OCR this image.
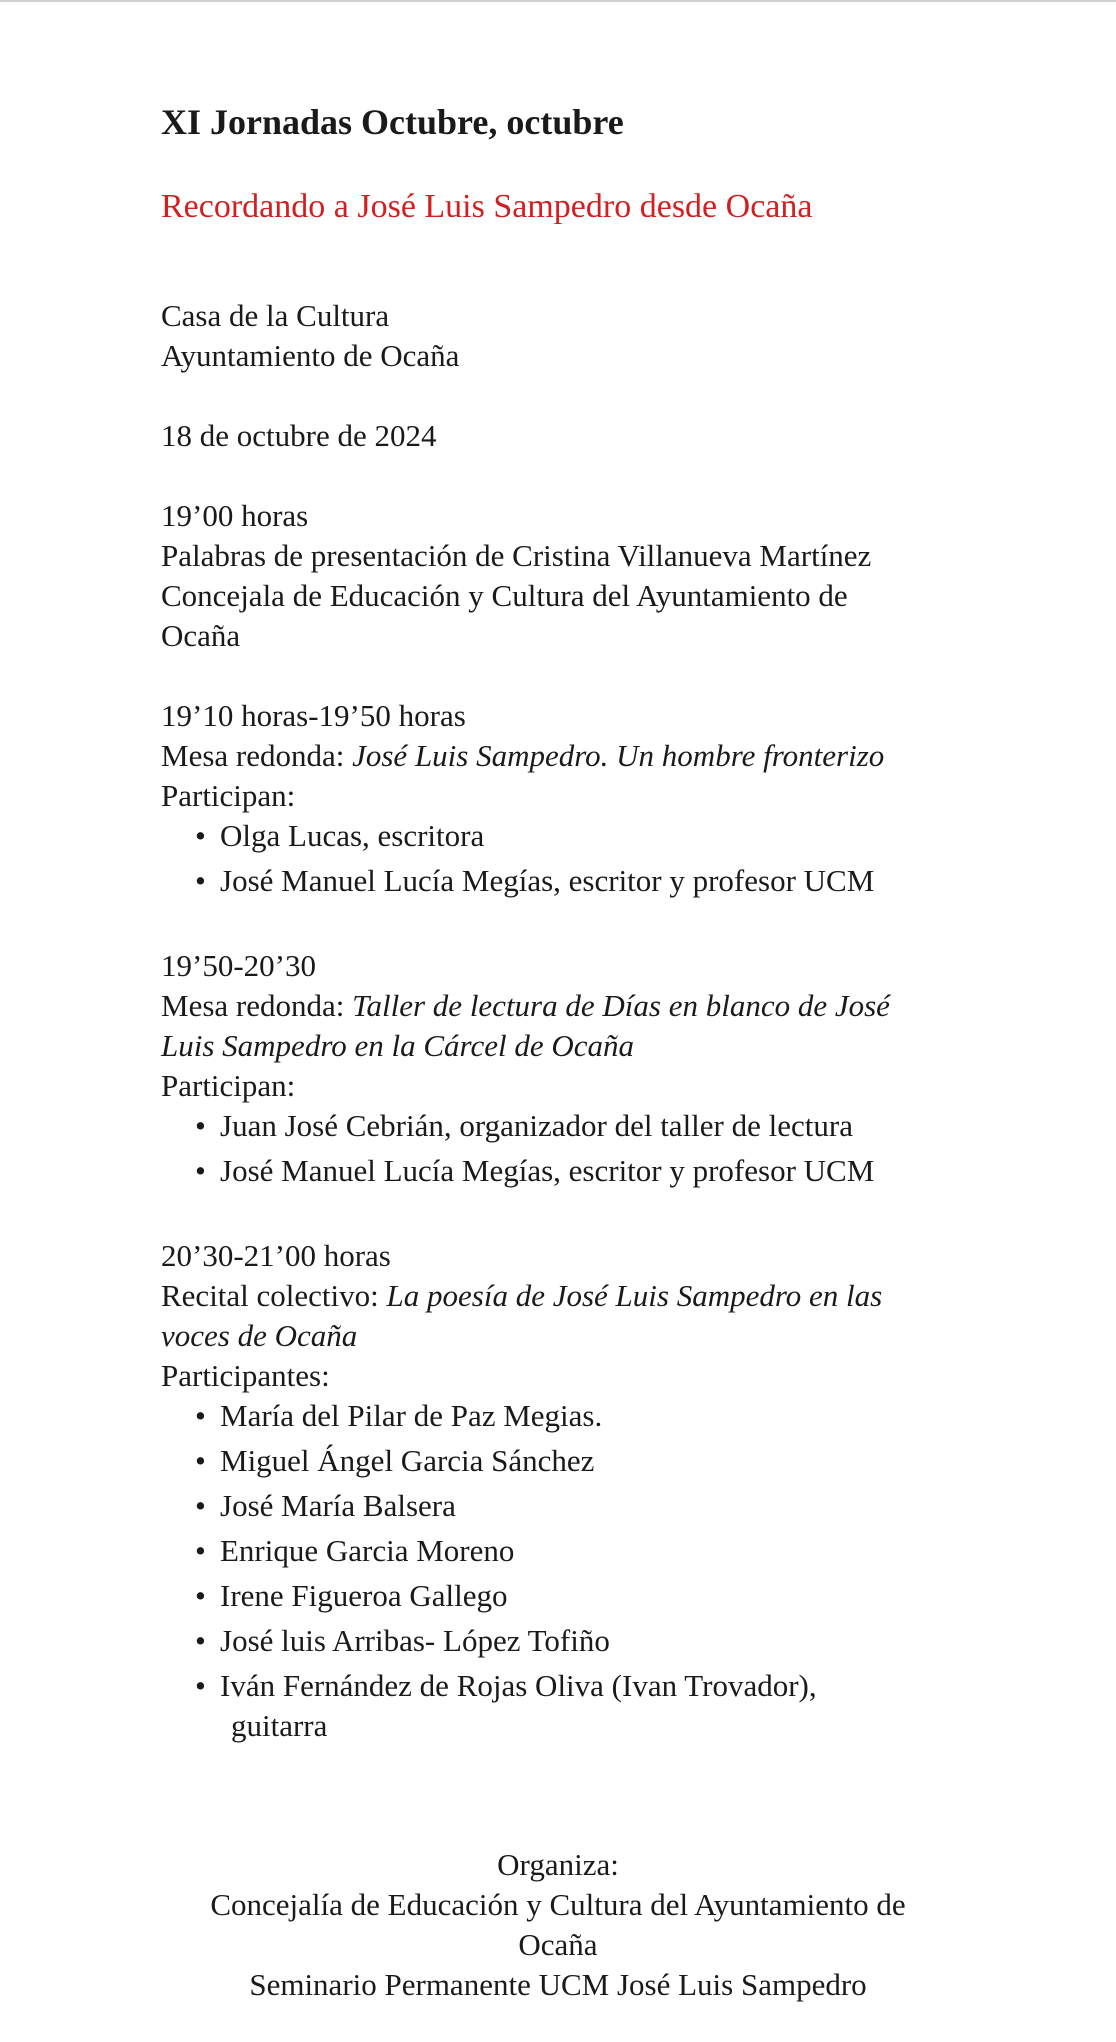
XI Jornadas Octubre, octubre

Recordando a José Luis Sampedro desde Ocaña

Casa de la Cultura
Ayuntamiento de Ocaña
18 de octubre de 2024
19’00 horas
Palabras de presentación de Cristina Villanueva Martínez
Concejala de Educación y Cultura del Ayuntamiento de
Ocaña
19’10 horas-19’50 horas
Mesa redonda: José Luis Sampedro. Un hombre fronterizo
Participan:
• Olga Lucas, escritora
• José Manuel Lucía Megías, escritor y profesor UCM
19’50-20’30
Mesa redonda: Taller de lectura de Días en blanco de José
Luis Sampedro en la Cárcel de Ocaña
Participan:
• Juan José Cebrián, organizador del taller de lectura
• José Manuel Lucía Megías, escritor y profesor UCM
20’30-21’00 horas
Recital colectivo: La poesía de José Luis Sampedro en las
voces de Ocaña
Participantes:
• María del Pilar de Paz Megias.
• Miguel Ángel Garcia Sánchez
• José María Balsera
• Enrique Garcia Moreno
• Irene Figueroa Gallego
• José luis Arribas- López Tofiño
• Iván Fernández de Rojas Oliva (Ivan Trovador),
guitarra
Organiza:
Concejalía de Educación y Cultura del Ayuntamiento de
Ocaña
Seminario Permanente UCM José Luis Sampedro
